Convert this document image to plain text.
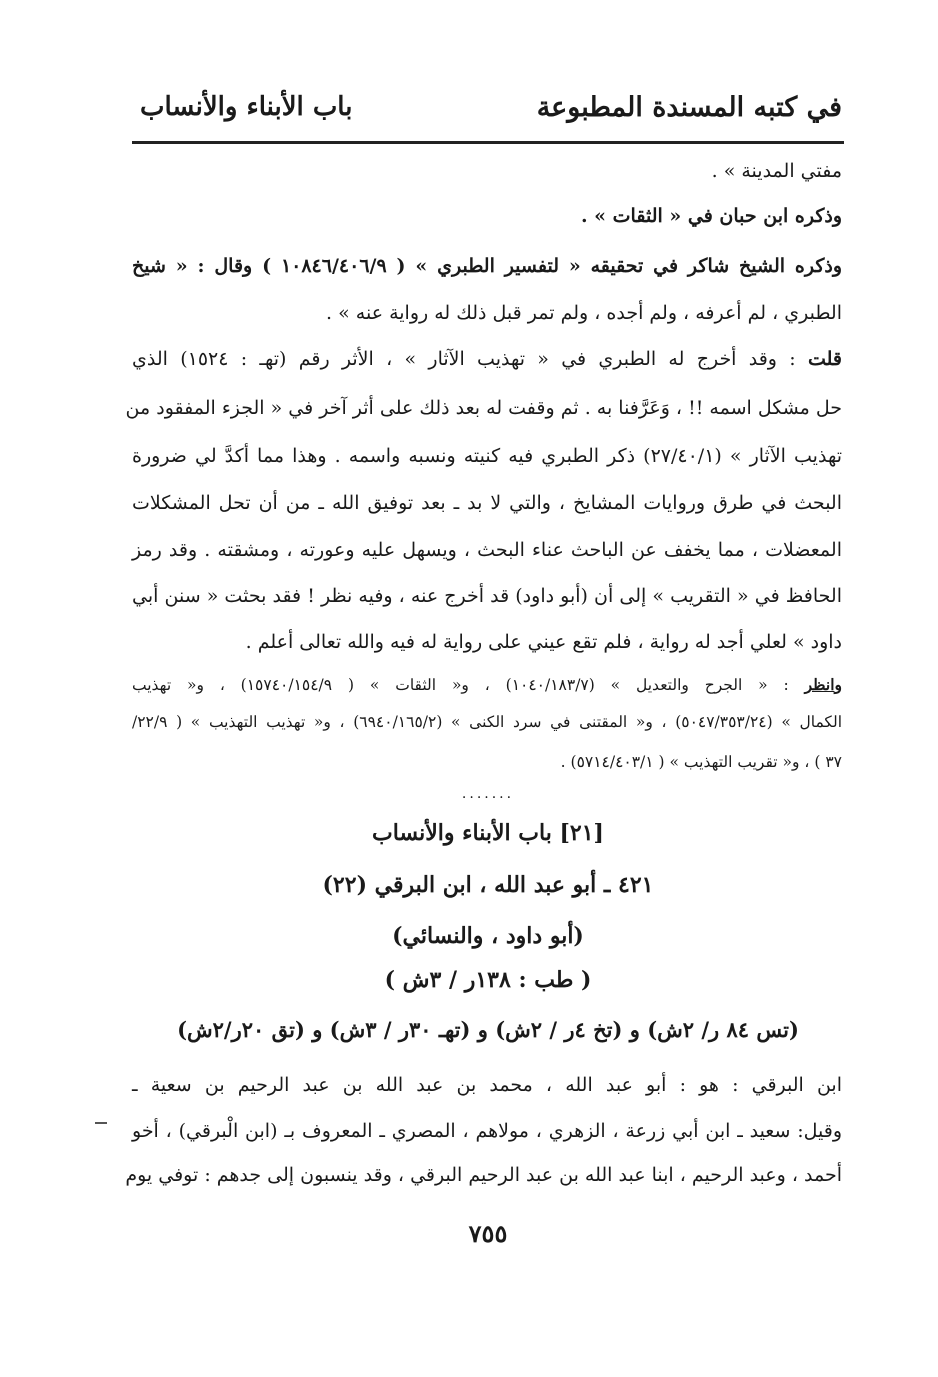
في كتبه المسندة المطبوعة
باب الأبناء والأنساب
مفتي المدينة » .
وذكره ابن حبان في « الثقات » .
وذكره الشيخ شاكر في تحقيقه « لتفسير الطبري » ( ١٠٨٤٦/٤٠٦/٩ ) وقال : « شيخ
الطبري ، لم أعرفه ، ولم أجده ، ولم تمر قبل ذلك له رواية عنه » .
قلت : وقد أخرج له الطبري في « تهذيب الآثار » ، الأثر رقم (تهـ : ١٥٢٤) الذي
حل مشكل اسمه !! ، وَعَرَّفنا به . ثم وقفت له بعد ذلك على أثر آخر في « الجزء المفقود من
تهذيب الآثار » (٢٧/٤٠/١) ذكر الطبري فيه كنيته ونسبه واسمه . وهذا مما أكدَّ لي ضرورة
البحث في طرق وروايات المشايخ ، والتي لا بد ـ بعد توفيق الله ـ من أن تحل المشكلات
المعضلات ، مما يخفف عن الباحث عناء البحث ، ويسهل عليه وعورته ، ومشقته . وقد رمز
الحافظ في « التقريب » إلى أن (أبو داود) قد أخرج عنه ، وفيه نظر ! فقد بحثت « سنن أبي
داود » لعلي أجد له رواية ، فلم تقع عيني على رواية له فيه والله تعالى أعلم .
وانظر : « الجرح والتعديل » (١٠٤٠/١٨٣/٧) ، و« الثقات » ( ١٥٧٤٠/١٥٤/٩) ، و« تهذيب
الكمال » (٥٠٤٧/٣٥٣/٢٤) ، و« المقتنى في سرد الكنى » (٦٩٤٠/١٦٥/٢) ، و« تهذيب التهذيب » ( ٢٢/٩/
٣٧ ) ، و« تقريب التهذيب » ( ٥٧١٤/٤٠٣/١) .
.......
[٢١] باب الأبناء والأنساب
٤٢١ ـ أبو عبد الله ، ابن البرقي (٢٢)
(أبو داود ، والنسائي)
( طب : ١٣٨ر / ٣ش )
(تس ٨٤ ر/ ٢ش) و (تخ ٤ر / ٢ش) و (تهـ ٣٠ر / ٣ش) و (تق ٢٠ر/٢ش)
ابن البرقي : هو : أبو عبد الله ، محمد بن عبد الله بن عبد الرحيم بن سعية ـ
وقيل: سعيد ـ ابن أبي زرعة ، الزهري ، مولاهم ، المصري ـ المعروف بـ (ابن الْبرقي) ، أخو
أحمد ، وعبد الرحيم ، ابنا عبد الله بن عبد الرحيم البرقي ، وقد ينسبون إلى جدهم : توفي يوم
٧٥٥
